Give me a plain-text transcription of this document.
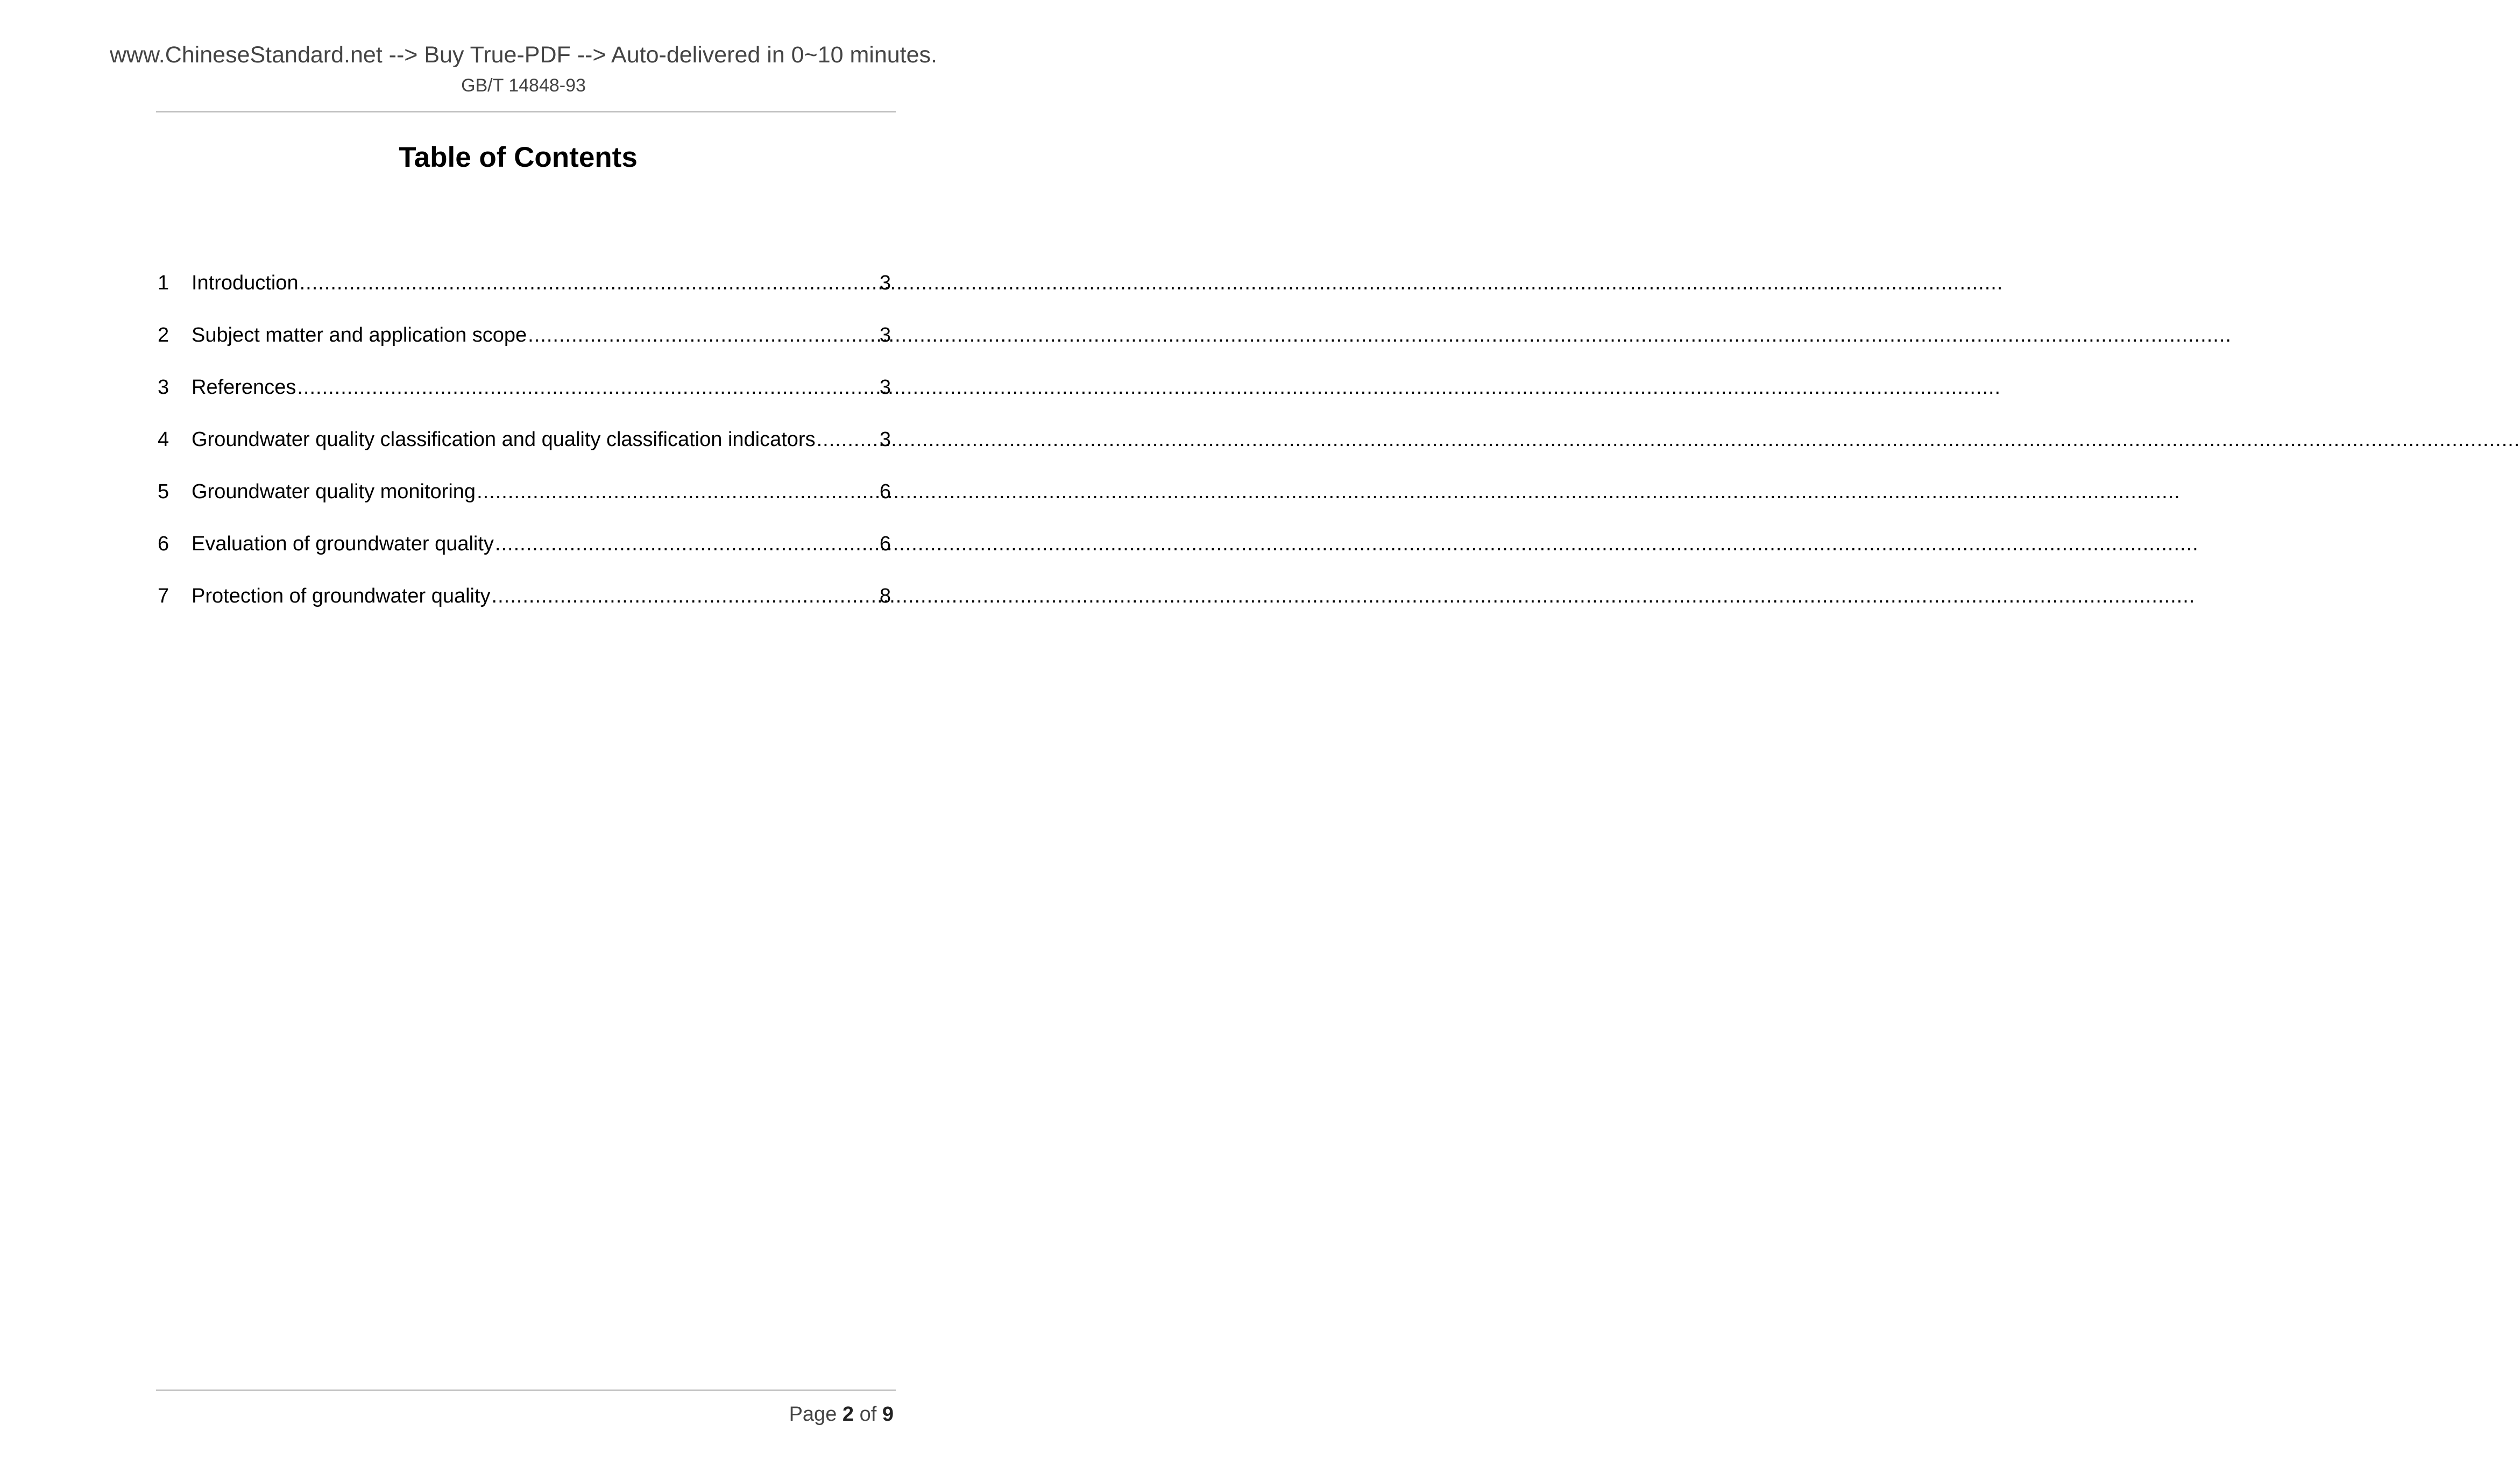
www.ChineseStandard.net --> Buy True-PDF --> Auto-delivered in 0~10 minutes.
GB/T 14848-93
Table of Contents
1	Introduction .....	3
2	Subject matter and application scope .....	3
3	References .....	3
4	Groundwater quality classification and quality classification indicators .....	3
5	Groundwater quality monitoring .....	6
6	Evaluation of groundwater quality .....	6
7	Protection of groundwater quality .....	8
Page 2 of 9
